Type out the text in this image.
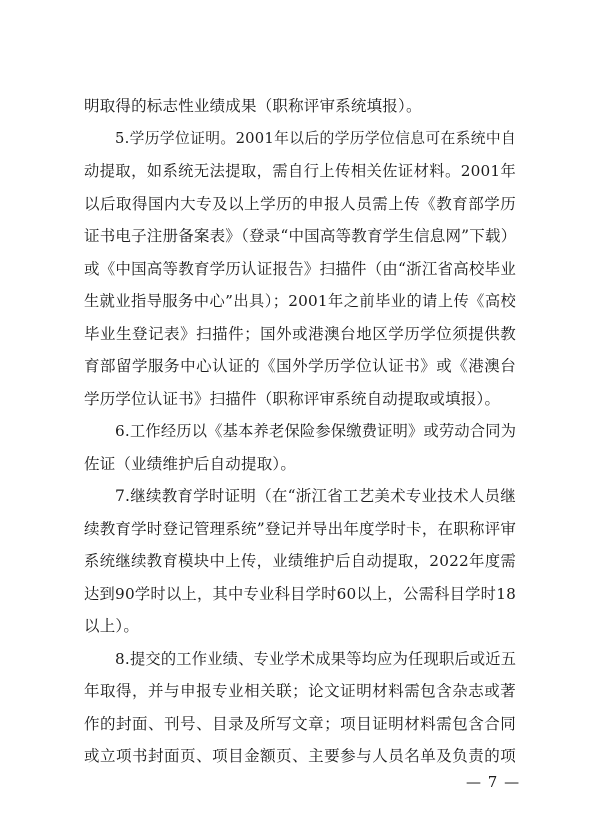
明取得的标志性业绩成果（职称评审系统填报）。
5.学历学位证明。2001年以后的学历学位信息可在系统中自
动提取，如系统无法提取，需自行上传相关佐证材料。2001年
以后取得国内大专及以上学历的申报人员需上传《教育部学历
证书电子注册备案表》（登录“中国高等教育学生信息网”下载）
或《中国高等教育学历认证报告》扫描件（由“浙江省高校毕业
生就业指导服务中心”出具）；2001年之前毕业的请上传《高校
毕业生登记表》扫描件；国外或港澳台地区学历学位须提供教
育部留学服务中心认证的《国外学历学位认证书》或《港澳台
学历学位认证书》扫描件（职称评审系统自动提取或填报）。
6.工作经历以《基本养老保险参保缴费证明》或劳动合同为
佐证（业绩维护后自动提取）。
7.继续教育学时证明（在“浙江省工艺美术专业技术人员继
续教育学时登记管理系统”登记并导出年度学时卡，在职称评审
系统继续教育模块中上传，业绩维护后自动提取，2022年度需
达到90学时以上，其中专业科目学时60以上，公需科目学时18
以上）。
8.提交的工作业绩、专业学术成果等均应为任现职后或近五
年取得，并与申报专业相关联；论文证明材料需包含杂志或著
作的封面、刊号、目录及所写文章；项目证明材料需包含合同
或立项书封面页、项目金额页、主要参与人员名单及负责的项
— 7 —
